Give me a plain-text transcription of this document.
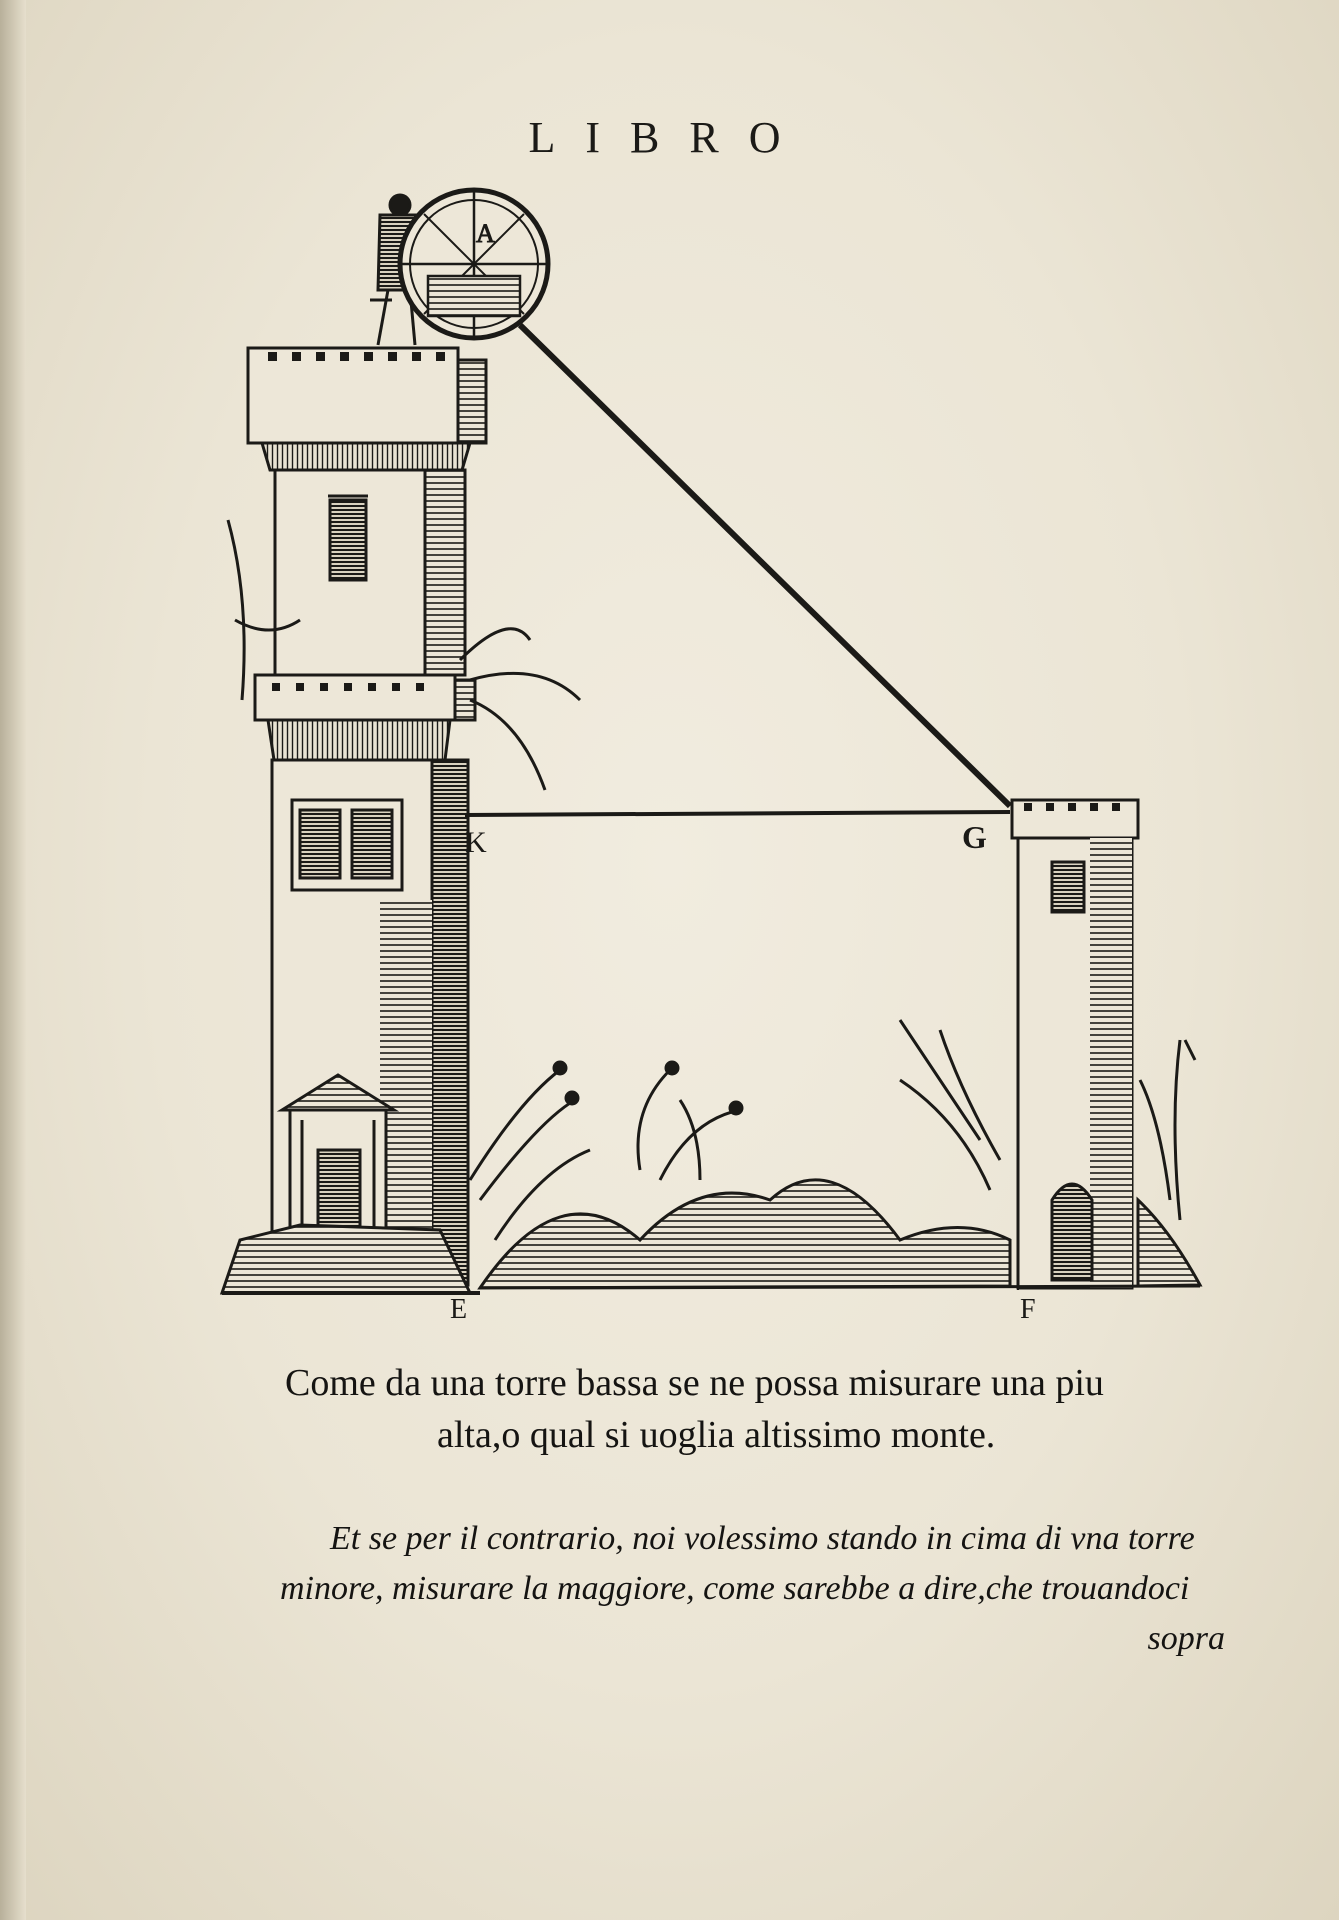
LIBRO
A
K	G
E	F
Come da una torre bassa se ne possa misurare una piu
alta,o qual si uoglia altissimo monte.
Et se per il contrario, noi volessimo stando in cima di vna torre
minore, misurare la maggiore, come sarebbe a dire,che trouandoci
sopra
